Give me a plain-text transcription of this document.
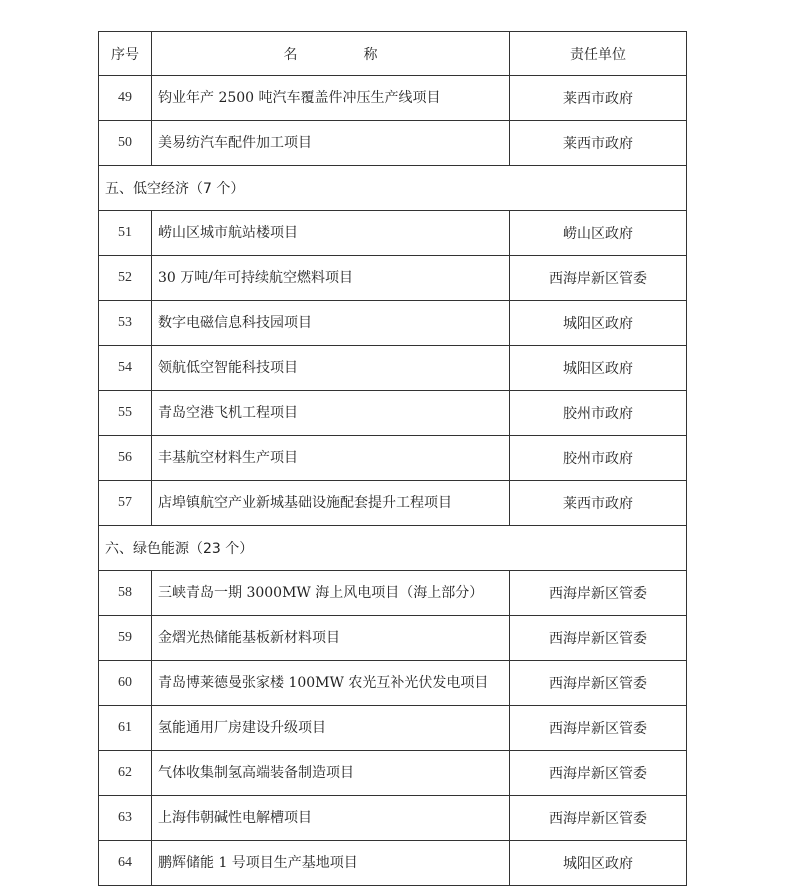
序号	名 称	责任单位
49	钧业年产 2500 吨汽车覆盖件冲压生产线项目	莱西市政府
50	美易纺汽车配件加工项目	莱西市政府
五、低空经济（7 个）		
51	崂山区城市航站楼项目	崂山区政府
52	30 万吨/年可持续航空燃料项目	西海岸新区管委
53	数字电磁信息科技园项目	城阳区政府
54	领航低空智能科技项目	城阳区政府
55	青岛空港飞机工程项目	胶州市政府
56	丰基航空材料生产项目	胶州市政府
57	店埠镇航空产业新城基础设施配套提升工程项目	莱西市政府
六、绿色能源（23 个）		
58	三峡青岛一期 3000MW 海上风电项目（海上部分）	西海岸新区管委
59	金熠光热储能基板新材料项目	西海岸新区管委
60	青岛博莱德曼张家楼 100MW 农光互补光伏发电项目	西海岸新区管委
61	氢能通用厂房建设升级项目	西海岸新区管委
62	气体收集制氢高端装备制造项目	西海岸新区管委
63	上海伟朝碱性电解槽项目	西海岸新区管委
64	鹏辉储能 1 号项目生产基地项目	城阳区政府
